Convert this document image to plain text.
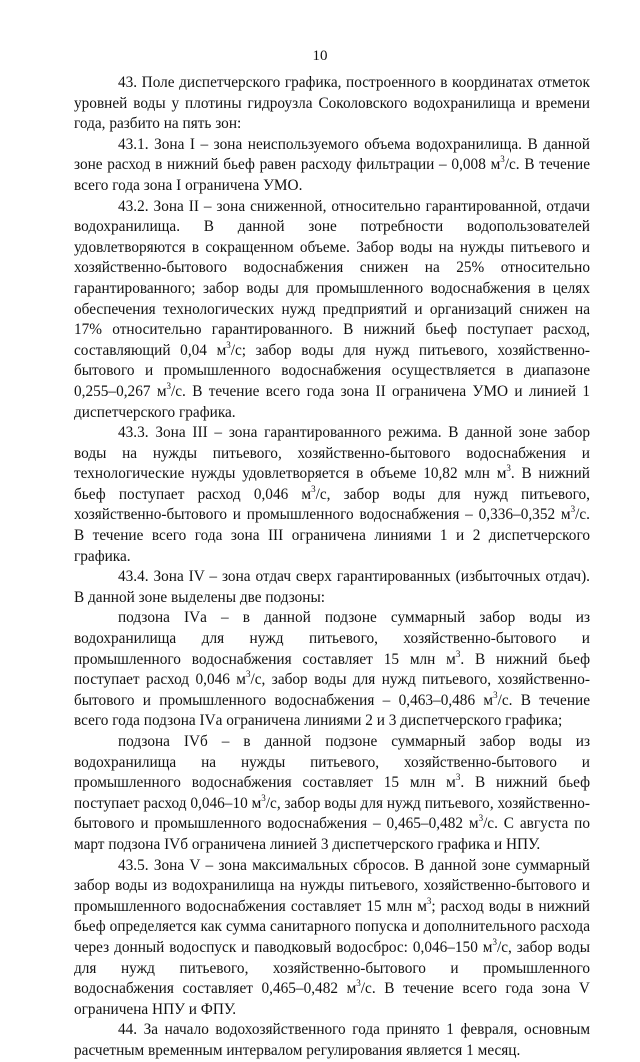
10

43. Поле диспетчерского графика, построенного в координатах отметок уровней воды у плотины гидроузла Соколовского водохранилища и времени года, разбито на пять зон:

43.1. Зона I – зона неиспользуемого объема водохранилища. В данной зоне расход в нижний бьеф равен расходу фильтрации – 0,008 $м^3/с$. В течение всего года зона I ограничена УМО.

43.2. Зона II – зона сниженной, относительно гарантированной, отдачи водохранилища. В данной зоне потребности водопользователей удовлетворяются в сокращенном объеме. Забор воды на нужды питьевого и хозяйственно-бытового водоснабжения снижен на 25% относительно гарантированного; забор воды для промышленного водоснабжения в целях обеспечения технологических нужд предприятий и организаций снижен на 17% относительно гарантированного. В нижний бьеф поступает расход, составляющий 0,04 $м^3/с$; забор воды для нужд питьевого, хозяйственно-бытового и промышленного водоснабжения осуществляется в диапазоне 0,255–0,267 $м^3/с$. В течение всего года зона II ограничена УМО и линией 1 диспетчерского графика.

43.3. Зона III – зона гарантированного режима. В данной зоне забор воды на нужды питьевого, хозяйственно-бытового водоснабжения и технологические нужды удовлетворяется в объеме 10,82 млн $м^3$. В нижний бьеф поступает расход 0,046 $м^3/с$, забор воды для нужд питьевого, хозяйственно-бытового и промышленного водоснабжения – 0,336–0,352 $м^3/с$. В течение всего года зона III ограничена линиями 1 и 2 диспетчерского графика.

43.4. Зона IV – зона отдач сверх гарантированных (избыточных отдач). В данной зоне выделены две подзоны:

подзона IVа – в данной подзоне суммарный забор воды из водохранилища для нужд питьевого, хозяйственно-бытового и промышленного водоснабжения составляет 15 млн $м^3$. В нижний бьеф поступает расход 0,046 $м^3/с$, забор воды для нужд питьевого, хозяйственно-бытового и промышленного водоснабжения – 0,463–0,486 $м^3/с$. В течение всего года подзона IVа ограничена линиями 2 и 3 диспетчерского графика;

подзона IVб – в данной подзоне суммарный забор воды из водохранилища на нужды питьевого, хозяйственно-бытового и промышленного водоснабжения составляет 15 млн $м^3$. В нижний бьеф поступает расход 0,046–10 $м^3/с$, забор воды для нужд питьевого, хозяйственно-бытового и промышленного водоснабжения – 0,465–0,482 $м^3/с$. С августа по март подзона IVб ограничена линией 3 диспетчерского графика и НПУ.

43.5. Зона V – зона максимальных сбросов. В данной зоне суммарный забор воды из водохранилища на нужды питьевого, хозяйственно-бытового и промышленного водоснабжения составляет 15 млн $м^3$; расход воды в нижний бьеф определяется как сумма санитарного попуска и дополнительного расхода через донный водоспуск и паводковый водосброс: 0,046–150 $м^3/с$, забор воды для нужд питьевого, хозяйственно-бытового и промышленного водоснабжения составляет 0,465–0,482 $м^3/с$. В течение всего года зона V ограничена НПУ и ФПУ.

44. За начало водохозяйственного года принято 1 февраля, основным расчетным временным интервалом регулирования является 1 месяц.
